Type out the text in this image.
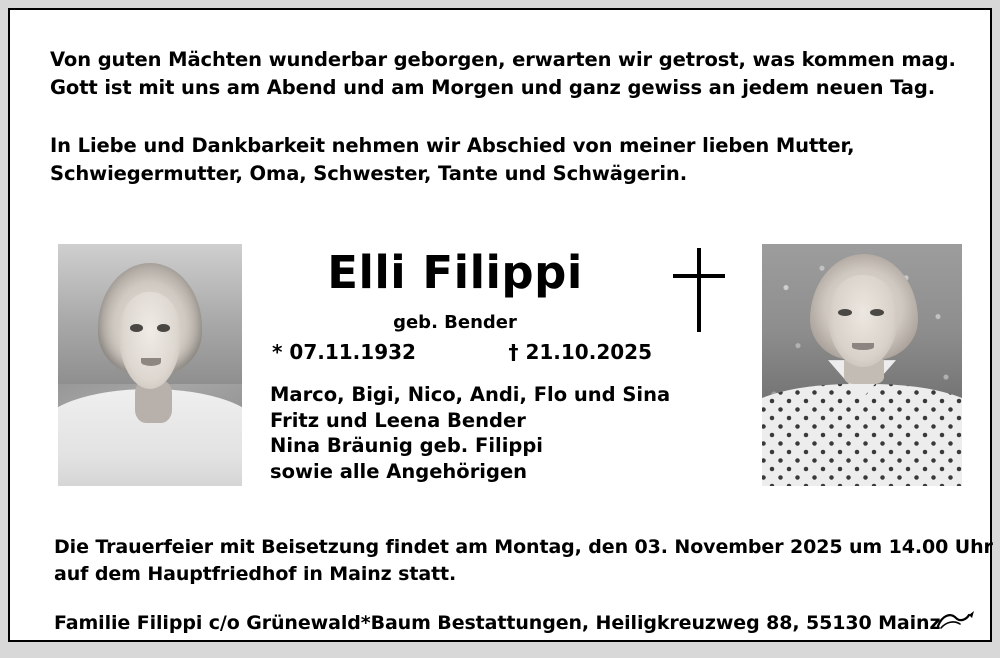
Von guten Mächten wunderbar geborgen, erwarten wir getrost, was kommen mag.
Gott ist mit uns am Abend und am Morgen und ganz gewiss an jedem neuen Tag.
In Liebe und Dankbarkeit nehmen wir Abschied von meiner lieben Mutter,
Schwiegermutter, Oma, Schwester, Tante und Schwägerin.
Elli Filippi
geb. Bender
* 07.11.1932	† 21.10.2025
Marco, Bigi, Nico, Andi, Flo und Sina
Fritz und Leena Bender
Nina Bräunig geb. Filippi
sowie alle Angehörigen
Die Trauerfeier mit Beisetzung findet am Montag, den 03. November 2025 um 14.00 Uhr
auf dem Hauptfriedhof in Mainz statt.
Familie Filippi c/o Grünewald*Baum Bestattungen, Heiligkreuzweg 88, 55130 Mainz
